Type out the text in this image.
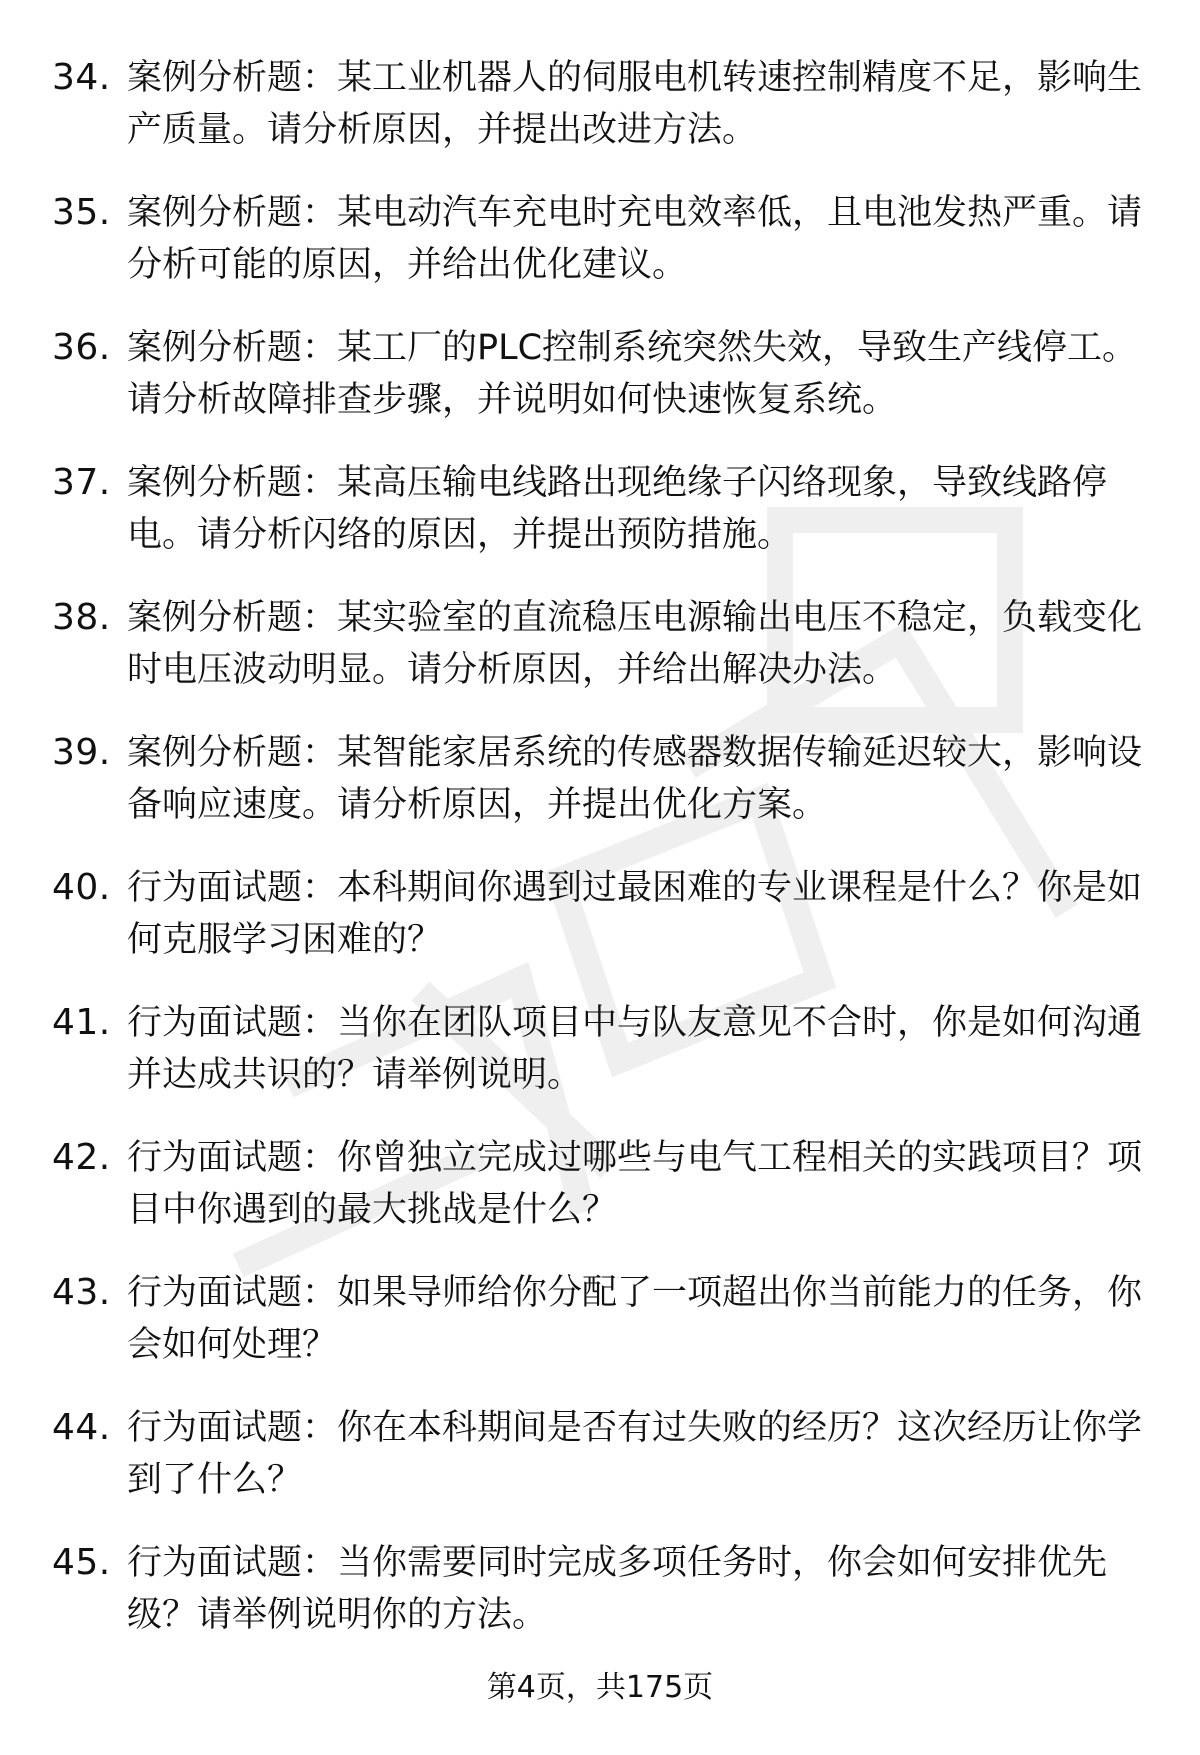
34. 案例分析题：某工业机器人的伺服电机转速控制精度不足，影响生产质量。请分析原因，并提出改进方法。
35. 案例分析题：某电动汽车充电时充电效率低，且电池发热严重。请分析可能的原因，并给出优化建议。
36. 案例分析题：某工厂的PLC控制系统突然失效，导致生产线停工。请分析故障排查步骤，并说明如何快速恢复系统。
37. 案例分析题：某高压输电线路出现绝缘子闪络现象，导致线路停电。请分析闪络的原因，并提出预防措施。
38. 案例分析题：某实验室的直流稳压电源输出电压不稳定，负载变化时电压波动明显。请分析原因，并给出解决办法。
39. 案例分析题：某智能家居系统的传感器数据传输延迟较大，影响设备响应速度。请分析原因，并提出优化方案。
40. 行为面试题：本科期间你遇到过最困难的专业课程是什么？你是如何克服学习困难的？
41. 行为面试题：当你在团队项目中与队友意见不合时，你是如何沟通并达成共识的？请举例说明。
42. 行为面试题：你曾独立完成过哪些与电气工程相关的实践项目？项目中你遇到的最大挑战是什么？
43. 行为面试题：如果导师给你分配了一项超出你当前能力的任务，你会如何处理？
44. 行为面试题：你在本科期间是否有过失败的经历？这次经历让你学到了什么？
45. 行为面试题：当你需要同时完成多项任务时，你会如何安排优先级？请举例说明你的方法。
第4页，共175页
